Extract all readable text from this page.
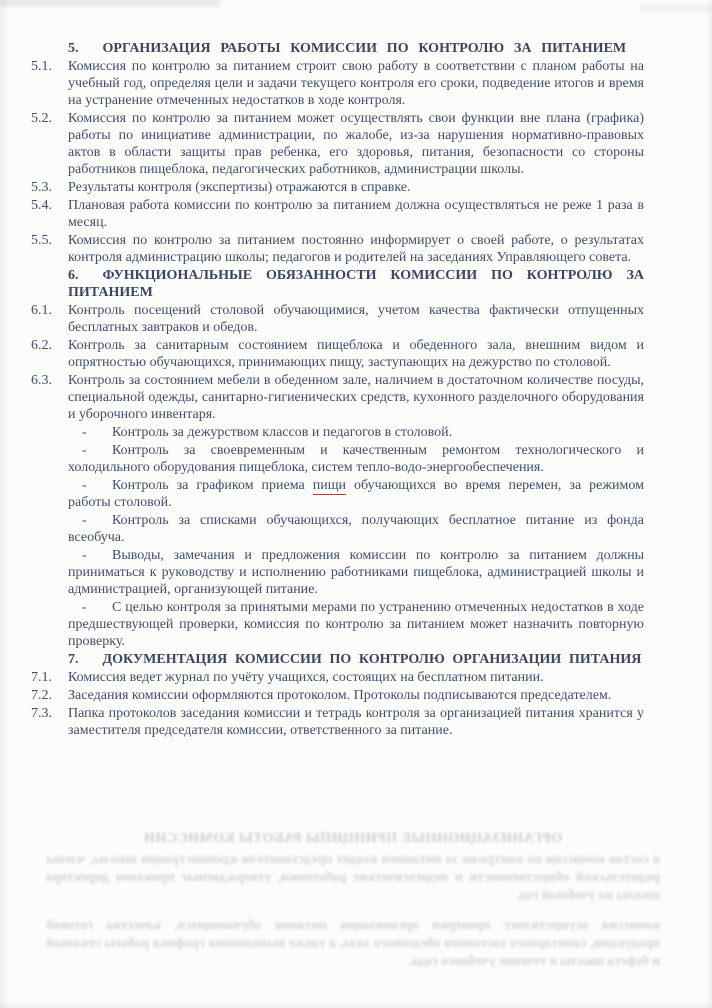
5. ОРГАНИЗАЦИЯ РАБОТЫ КОМИССИИ ПО КОНТРОЛЮ ЗА ПИТАНИЕМ

5.1.	Комиссия по контролю за питанием строит свою работу в соответствии с планом работы на учебный год, определяя цели и задачи текущего контроля его сроки, подведение итогов и время на устранение отмеченных недостатков в ходе контроля.
5.2.	Комиссия по контролю за питанием может осуществлять свои функции вне плана (графика) работы по инициативе администрации, по жалобе, из-за нарушения нормативно-правовых актов в области защиты прав ребенка, его здоровья, питания, безопасности со стороны работников пищеблока, педагогических работников, администрации школы.
5.3.	Результаты контроля (экспертизы) отражаются в справке.
5.4.	Плановая работа комиссии по контролю за питанием должна осуществляться не реже 1 раза в месяц.
5.5.	Комиссия по контролю за питанием постоянно информирует о своей работе, о результатах контроля администрацию школы; педагогов и родителей на заседаниях Управляющего совета.

6. ФУНКЦИОНАЛЬНЫЕ ОБЯЗАННОСТИ КОМИССИИ ПО КОНТРОЛЮ ЗА ПИТАНИЕМ

6.1.	Контроль посещений столовой обучающимися, учетом качества фактически отпущенных бесплатных завтраков и обедов.
6.2.	Контроль за санитарным состоянием пищеблока и обеденного зала, внешним видом и опрятностью обучающихся, принимающих пищу, заступающих на дежурство по столовой.
6.3.	Контроль за состоянием мебели в обеденном зале, наличием в достаточном количестве посуды, специальной одежды, санитарно-гигиенических средств, кухонного разделочного оборудования и уборочного инвентаря.

- Контроль за дежурством классов и педагогов в столовой.

- Контроль за своевременным и качественным ремонтом технологического и холодильного оборудования пищеблока, систем тепло-водо-энергообеспечения.

- Контроль за графиком приема пищи обучающихся во время перемен, за режимом работы столовой.

- Контроль за списками обучающихся, получающих бесплатное питание из фонда всеобуча.

- Выводы, замечания и предложения комиссии по контролю за питанием должны приниматься к руководству и исполнению работниками пищеблока, администрацией школы и администрацией, организующей питание.

- С целью контроля за принятыми мерами по устранению отмеченных недостатков в ходе предшествующей проверки, комиссия по контролю за питанием может назначить повторную проверку.

7. ДОКУМЕНТАЦИЯ КОМИССИИ ПО КОНТРОЛЮ ОРГАНИЗАЦИИ ПИТАНИЯ

7.1.	Комиссия ведет журнал по учёту учащихся, состоящих на бесплатном питании.
7.2.	Заседания комиссии оформляются протоколом. Протоколы подписываются председателем.
7.3.	Папка протоколов заседания комиссии и тетрадь контроля за организацией питания хранится у заместителя председателя комиссии, ответственного за питание.
ОРГАНИЗАЦИОННЫЕ ПРИНЦИПЫ РАБОТЫ КОМИССИИ

в состав комиссии по контролю за питанием входят представители администрации школы, члены родительской общественности и педагогические работники, утверждаемые приказом директора школы на учебный год.

комиссия осуществляет проверки организации питания обучающихся, качества готовой продукции, санитарного состояния обеденного зала, а также выполнения графика работы столовой и буфета школы в течение учебного года.
